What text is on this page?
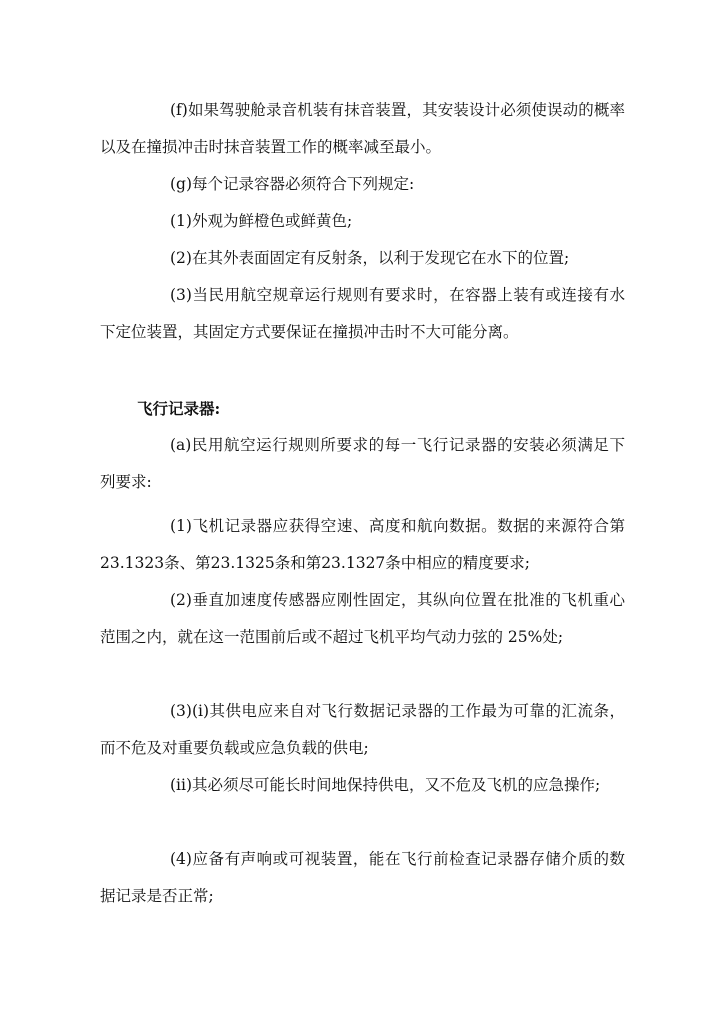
(f)如果驾驶舱录音机装有抹音装置，其安装设计必须使误动的概率以及在撞损冲击时抹音装置工作的概率减至最小。

(g)每个记录容器必须符合下列规定:

(1)外观为鲜橙色或鲜黄色;

(2)在其外表面固定有反射条，以利于发现它在水下的位置;

(3)当民用航空规章运行规则有要求时，在容器上装有或连接有水下定位装置，其固定方式要保证在撞损冲击时不大可能分离。

飞行记录器:

(a)民用航空运行规则所要求的每一飞行记录器的安装必须满足下列要求:

(1)飞机记录器应获得空速、高度和航向数据。数据的来源符合第23.1323条、第23.1325条和第23.1327条中相应的精度要求;

(2)垂直加速度传感器应刚性固定，其纵向位置在批准的飞机重心范围之内，就在这一范围前后或不超过飞机平均气动力弦的 25%处;

(3)(i)其供电应来自对飞行数据记录器的工作最为可靠的汇流条，而不危及对重要负载或应急负载的供电;

(ii)其必须尽可能长时间地保持供电，又不危及飞机的应急操作;

(4)应备有声响或可视装置，能在飞行前检查记录器存储介质的数据记录是否正常;
